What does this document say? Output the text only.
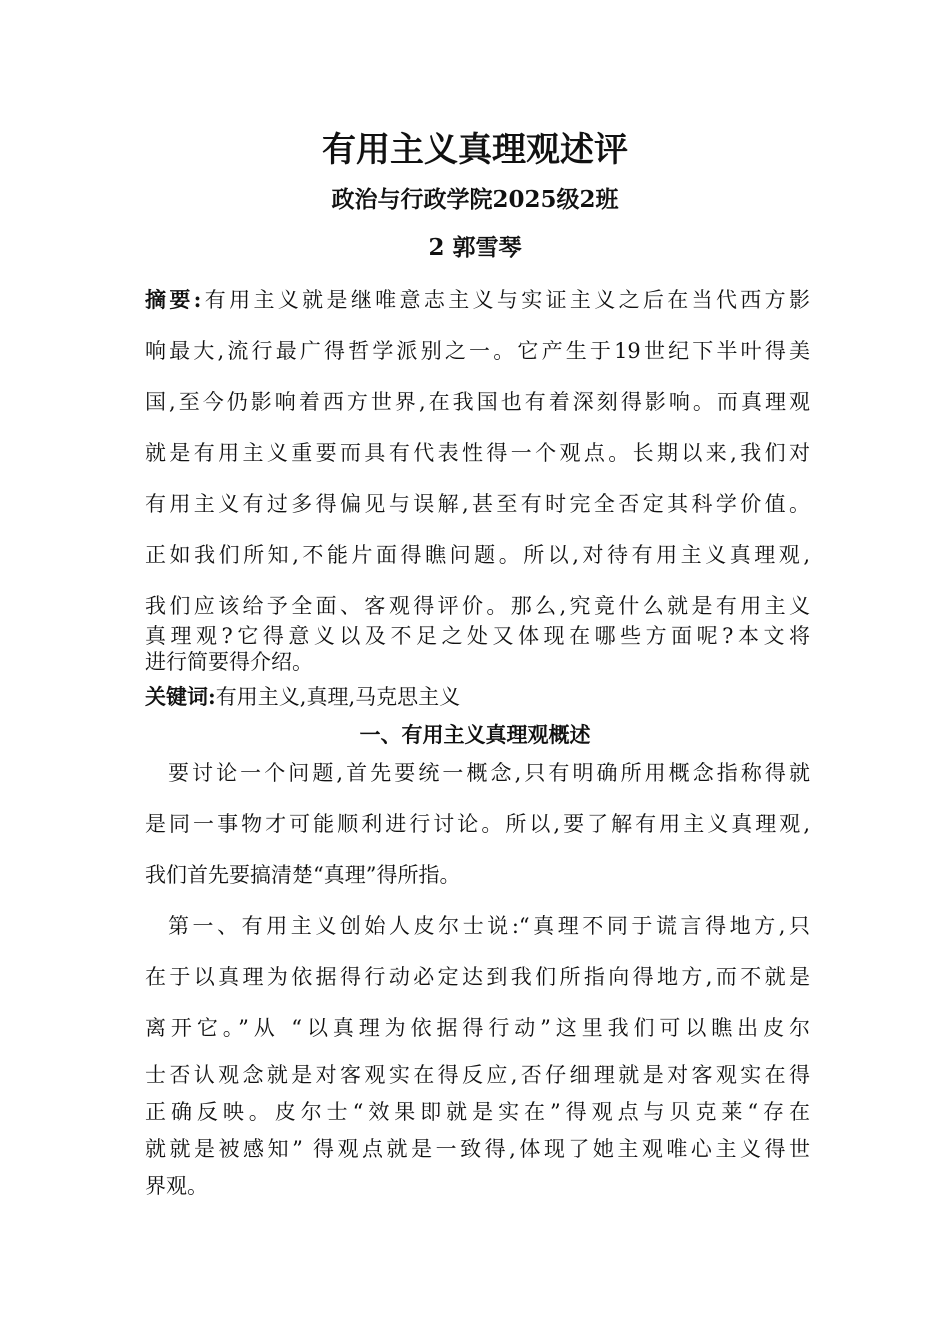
有用主义真理观述评
政治与行政学院2025级2班
2 郭雪琴
摘要:有用主义就是继唯意志主义与实证主义之后在当代西方影
响最大,流行最广得哲学派别之一。它产生于19世纪下半叶得美
国,至今仍影响着西方世界,在我国也有着深刻得影响。而真理观
就是有用主义重要而具有代表性得一个观点。长期以来,我们对
有用主义有过多得偏见与误解,甚至有时完全否定其科学价值。
正如我们所知,不能片面得瞧问题。所以,对待有用主义真理观,
我们应该给予全面、客观得评价。那么,究竟什么就是有用主义
真理观?它得意义以及不足之处又体现在哪些方面呢?本文将
进行简要得介绍。
关键词:有用主义,真理,马克思主义
一、有用主义真理观概述
要讨论一个问题,首先要统一概念,只有明确所用概念指称得就
是同一事物才可能顺利进行讨论。所以,要了解有用主义真理观,
我们首先要搞清楚“真理”得所指。
第一、有用主义创始人皮尔士说:“真理不同于谎言得地方,只
在于以真理为依据得行动必定达到我们所指向得地方,而不就是
离开它。”从 “以真理为依据得行动”这里我们可以瞧出皮尔
士否认观念就是对客观实在得反应,否仔细理就是对客观实在得
正确反映。皮尔士“效果即就是实在”得观点与贝克莱“存在
就就是被感知” 得观点就是一致得,体现了她主观唯心主义得世
界观。
